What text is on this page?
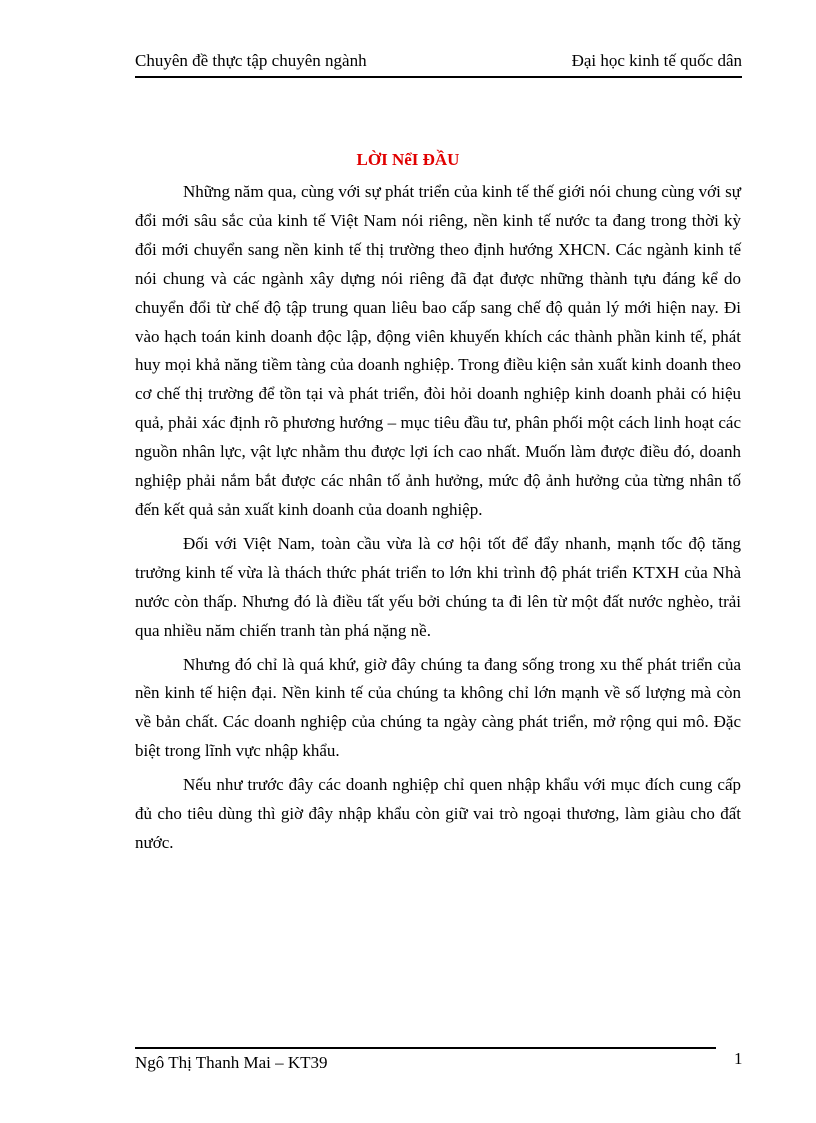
Chuyên đề thực tập chuyên ngành	Đại học kinh tế quốc dân
LỜI NểI ĐẦU

Những năm qua, cùng với sự phát triển của kinh tế thế giới nói chung cùng với sự đổi mới sâu sắc của kinh tế Việt Nam nói riêng, nền kinh tế nước ta đang trong thời kỳ đổi mới chuyển sang nền kinh tế thị trường theo định hướng XHCN. Các ngành kinh tế nói chung và các ngành xây dựng nói riêng đã đạt được những thành tựu đáng kể do chuyển đổi từ chế độ tập trung quan liêu bao cấp sang chế độ quản lý mới hiện nay. Đi vào hạch toán kinh doanh độc lập, động viên khuyến khích các thành phần kinh tế, phát huy mọi khả năng tiềm tàng của doanh nghiệp. Trong điều kiện sản xuất kinh doanh theo cơ chế thị trường để tồn tại và phát triển, đòi hỏi doanh nghiệp kinh doanh phải có hiệu quả, phải xác định rõ phương hướng – mục tiêu đầu tư, phân phối một cách linh hoạt các nguồn nhân lực, vật lực nhằm thu được lợi ích cao nhất. Muốn làm được điều đó, doanh nghiệp phải nắm bắt được các nhân tố ảnh hưởng, mức độ ảnh hưởng của từng nhân tố đến kết quả sản xuất kinh doanh của doanh nghiệp.

Đối với Việt Nam, toàn cầu vừa là cơ hội tốt để đẩy nhanh, mạnh tốc độ tăng trưởng kinh tế vừa là thách thức phát triển to lớn khi trình độ phát triển KTXH của Nhà nước còn thấp. Nhưng đó là điều tất yếu bởi chúng ta đi lên từ một đất nước nghèo, trải qua nhiều năm chiến tranh tàn phá nặng nề.

Nhưng đó chỉ là quá khứ, giờ đây chúng ta đang sống trong xu thế phát triển của nền kinh tế hiện đại. Nền kinh tế của chúng ta không chỉ lớn mạnh về số lượng mà còn về bản chất. Các doanh nghiệp của chúng ta ngày càng phát triển, mở rộng qui mô. Đặc biệt trong lĩnh vực nhập khẩu.

Nếu như trước đây các doanh nghiệp chỉ quen nhập khẩu với mục đích cung cấp đủ cho tiêu dùng thì giờ đây nhập khẩu còn giữ vai trò ngoại thương, làm giàu cho đất nước.

Ngô Thị Thanh Mai – KT39	1
